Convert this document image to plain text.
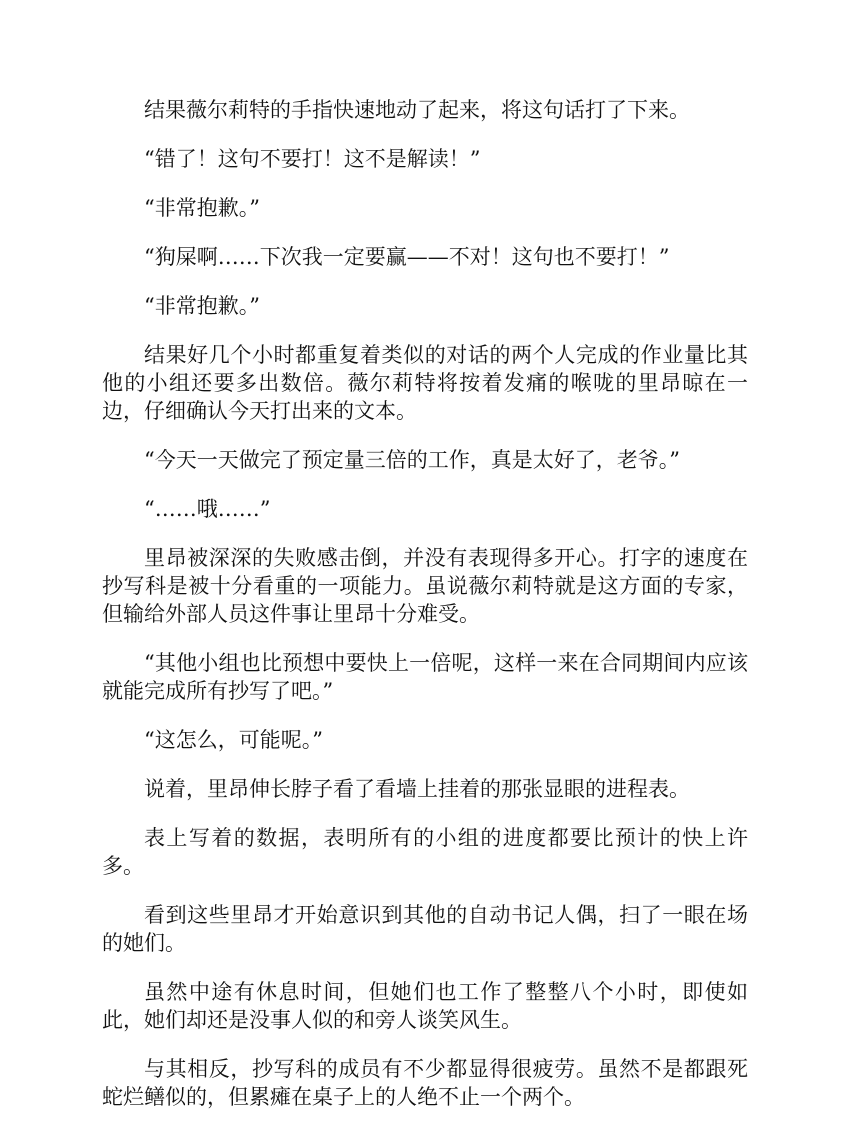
结果薇尔莉特的手指快速地动了起来，将这句话打了下来。

“错了！这句不要打！这不是解读！”

“非常抱歉。”

“狗屎啊……下次我一定要赢——不对！这句也不要打！”

“非常抱歉。”

结果好几个小时都重复着类似的对话的两个人完成的作业量比其他的小组还要多出数倍。薇尔莉特将按着发痛的喉咙的里昂晾在一边，仔细确认今天打出来的文本。

“今天一天做完了预定量三倍的工作，真是太好了，老爷。”

“……哦……”

里昂被深深的失败感击倒，并没有表现得多开心。打字的速度在抄写科是被十分看重的一项能力。虽说薇尔莉特就是这方面的专家，但输给外部人员这件事让里昂十分难受。

“其他小组也比预想中要快上一倍呢，这样一来在合同期间内应该就能完成所有抄写了吧。”

“这怎么，可能呢。”

说着，里昂伸长脖子看了看墙上挂着的那张显眼的进程表。

表上写着的数据，表明所有的小组的进度都要比预计的快上许多。

看到这些里昂才开始意识到其他的自动书记人偶，扫了一眼在场的她们。

虽然中途有休息时间，但她们也工作了整整八个小时，即使如此，她们却还是没事人似的和旁人谈笑风生。

与其相反，抄写科的成员有不少都显得很疲劳。虽然不是都跟死蛇烂鳝似的，但累瘫在桌子上的人绝不止一个两个。
